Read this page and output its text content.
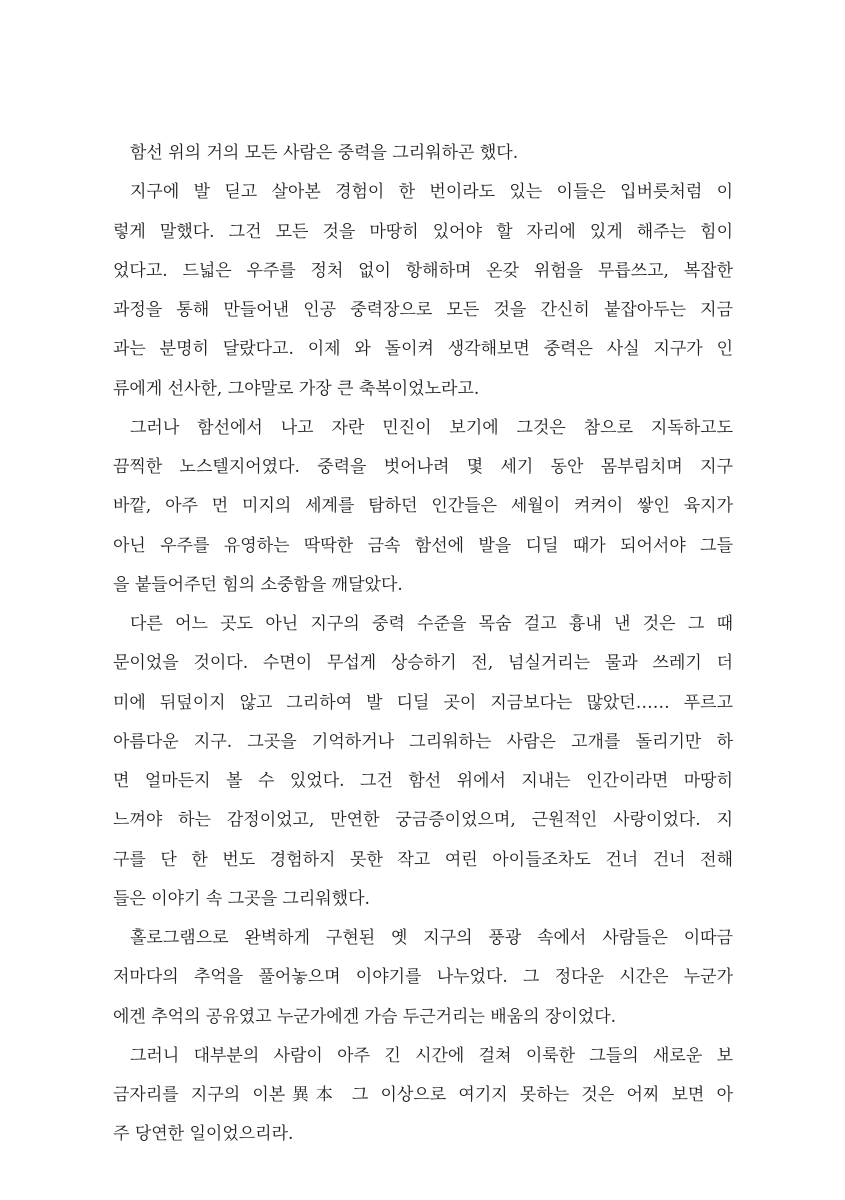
함선 위의 거의 모든 사람은 중력을 그리워하곤 했다.

지구에 발 딛고 살아본 경험이 한 번이라도 있는 이들은 입버릇처럼 이
렇게 말했다. 그건 모든 것을 마땅히 있어야 할 자리에 있게 해주는 힘이
었다고. 드넓은 우주를 정처 없이 항해하며 온갖 위험을 무릅쓰고, 복잡한
과정을 통해 만들어낸 인공 중력장으로 모든 것을 간신히 붙잡아두는 지금
과는 분명히 달랐다고. 이제 와 돌이켜 생각해보면 중력은 사실 지구가 인
류에게 선사한, 그야말로 가장 큰 축복이었노라고.

그러나 함선에서 나고 자란 민진이 보기에 그것은 참으로 지독하고도
끔찍한 노스텔지어였다. 중력을 벗어나려 몇 세기 동안 몸부림치며 지구
바깥, 아주 먼 미지의 세계를 탐하던 인간들은 세월이 켜켜이 쌓인 육지가
아닌 우주를 유영하는 딱딱한 금속 함선에 발을 디딜 때가 되어서야 그들
을 붙들어주던 힘의 소중함을 깨달았다.

다른 어느 곳도 아닌 지구의 중력 수준을 목숨 걸고 흉내 낸 것은 그 때
문이었을 것이다. 수면이 무섭게 상승하기 전, 넘실거리는 물과 쓰레기 더
미에 뒤덮이지 않고 그리하여 발 디딜 곳이 지금보다는 많았던…… 푸르고
아름다운 지구. 그곳을 기억하거나 그리워하는 사람은 고개를 돌리기만 하
면 얼마든지 볼 수 있었다. 그건 함선 위에서 지내는 인간이라면 마땅히
느껴야 하는 감정이었고, 만연한 궁금증이었으며, 근원적인 사랑이었다. 지
구를 단 한 번도 경험하지 못한 작고 여린 아이들조차도 건너 건너 전해
들은 이야기 속 그곳을 그리워했다.

홀로그램으로 완벽하게 구현된 옛 지구의 풍광 속에서 사람들은 이따금
저마다의 추억을 풀어놓으며 이야기를 나누었다. 그 정다운 시간은 누군가
에겐 추억의 공유였고 누군가에겐 가슴 두근거리는 배움의 장이었다.

그러니 대부분의 사람이 아주 긴 시간에 걸쳐 이룩한 그들의 새로운 보
금자리를 지구의 이본異本 그 이상으로 여기지 못하는 것은 어찌 보면 아
주 당연한 일이었으리라.
